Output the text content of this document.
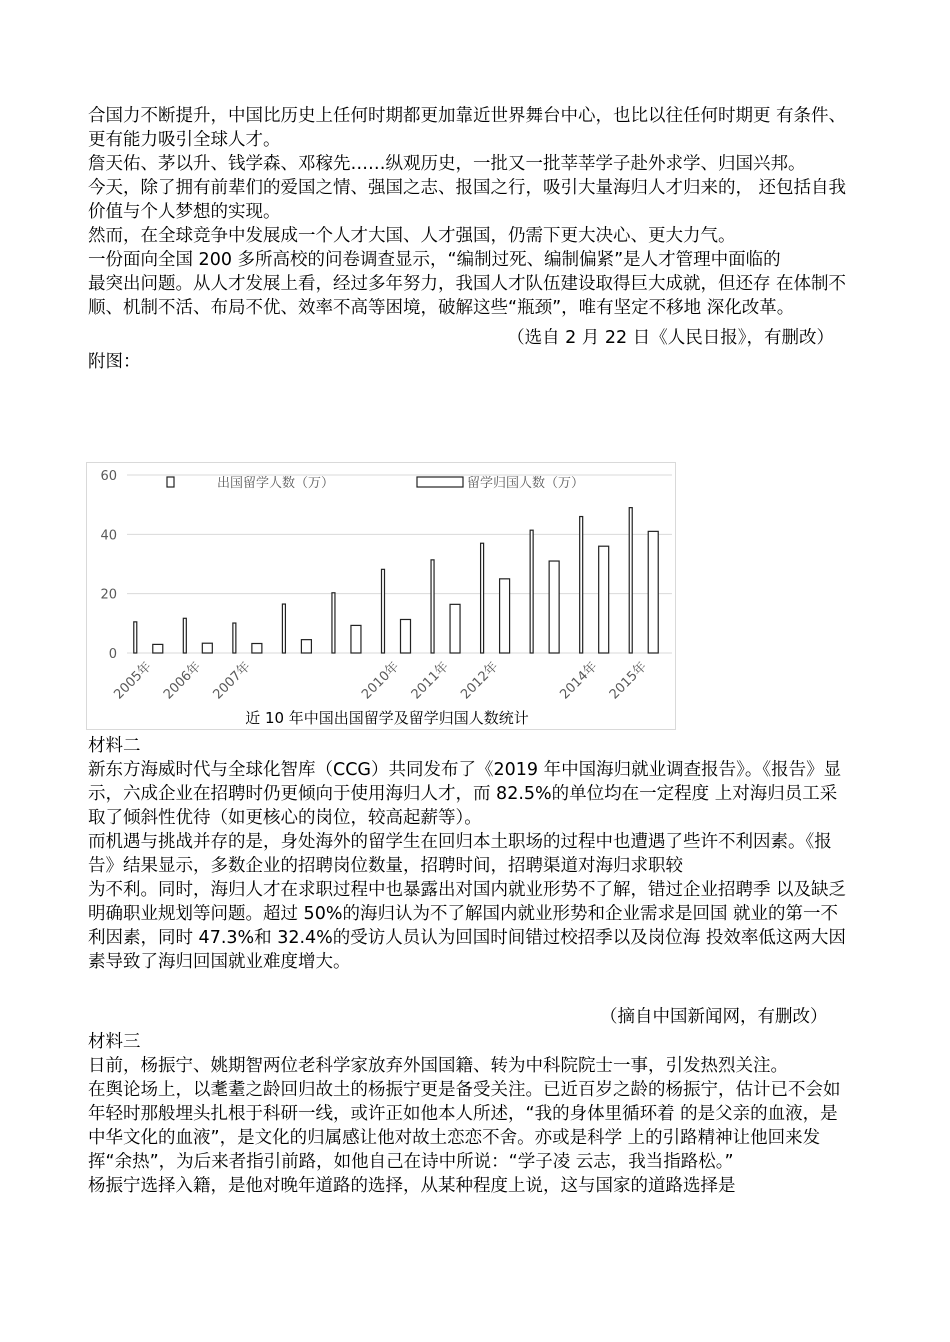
合国力不断提升，中国比历史上任何时期都更加靠近世界舞台中心，也比以往任何时期更 有条件、更有能力吸引全球人才。

詹天佑、茅以升、钱学森、邓稼先……纵观历史，一批又一批莘莘学子赴外求学、归国兴邦。

今天，除了拥有前辈们的爱国之情、强国之志、报国之行，吸引大量海归人才归来的， 还包括自我价值与个人梦想的实现。

然而，在全球竞争中发展成一个人才大国、人才强国，仍需下更大决心、更大力气。

一份面向全国 200 多所高校的问卷调查显示，“编制过死、编制偏紧”是人才管理中面临的

最突出问题。从人才发展上看，经过多年努力，我国人才队伍建设取得巨大成就，但还存 在体制不顺、机制不活、布局不优、效率不高等困境，破解这些“瓶颈”，唯有坚定不移地 深化改革。

（选自 2 月 22 日《人民日报》，有删改）

附图：

0
20
40
60
2005年 2006年 2007年	2010年 2011年 2012年	2014年 2015年
出国留学人数（万）	留学归国人数（万）
近 10 年中国出国留学及留学归国人数统计

材料二

新东方海威时代与全球化智库（CCG）共同发布了《2019 年中国海归就业调查报告》。《报告》显示，六成企业在招聘时仍更倾向于使用海归人才，而 82.5%的单位均在一定程度 上对海归员工采取了倾斜性优待（如更核心的岗位，较高起薪等）。

而机遇与挑战并存的是，身处海外的留学生在回归本土职场的过程中也遭遇了些许不利因素。《报告》结果显示，多数企业的招聘岗位数量，招聘时间，招聘渠道对海归求职较

为不利。同时，海归人才在求职过程中也暴露出对国内就业形势不了解，错过企业招聘季 以及缺乏明确职业规划等问题。超过 50%的海归认为不了解国内就业形势和企业需求是回国 就业的第一不利因素，同时 47.3%和 32.4%的受访人员认为回国时间错过校招季以及岗位海 投效率低这两大因素导致了海归回国就业难度增大。

（摘自中国新闻网，有删改）

材料三

日前，杨振宁、姚期智两位老科学家放弃外国国籍、转为中科院院士一事，引发热烈关注。

在舆论场上，以耄耋之龄回归故土的杨振宁更是备受关注。已近百岁之龄的杨振宁，估计已不会如年轻时那般埋头扎根于科研一线，或许正如他本人所述，“我的身体里循环着 的是父亲的血液，是中华文化的血液”，是文化的归属感让他对故土恋恋不舍。亦或是科学 上的引路精神让他回来发挥“余热”，为后来者指引前路，如他自己在诗中所说：“学子凌 云志，我当指路松。”

杨振宁选择入籍，是他对晚年道路的选择，从某种程度上说，这与国家的道路选择是
